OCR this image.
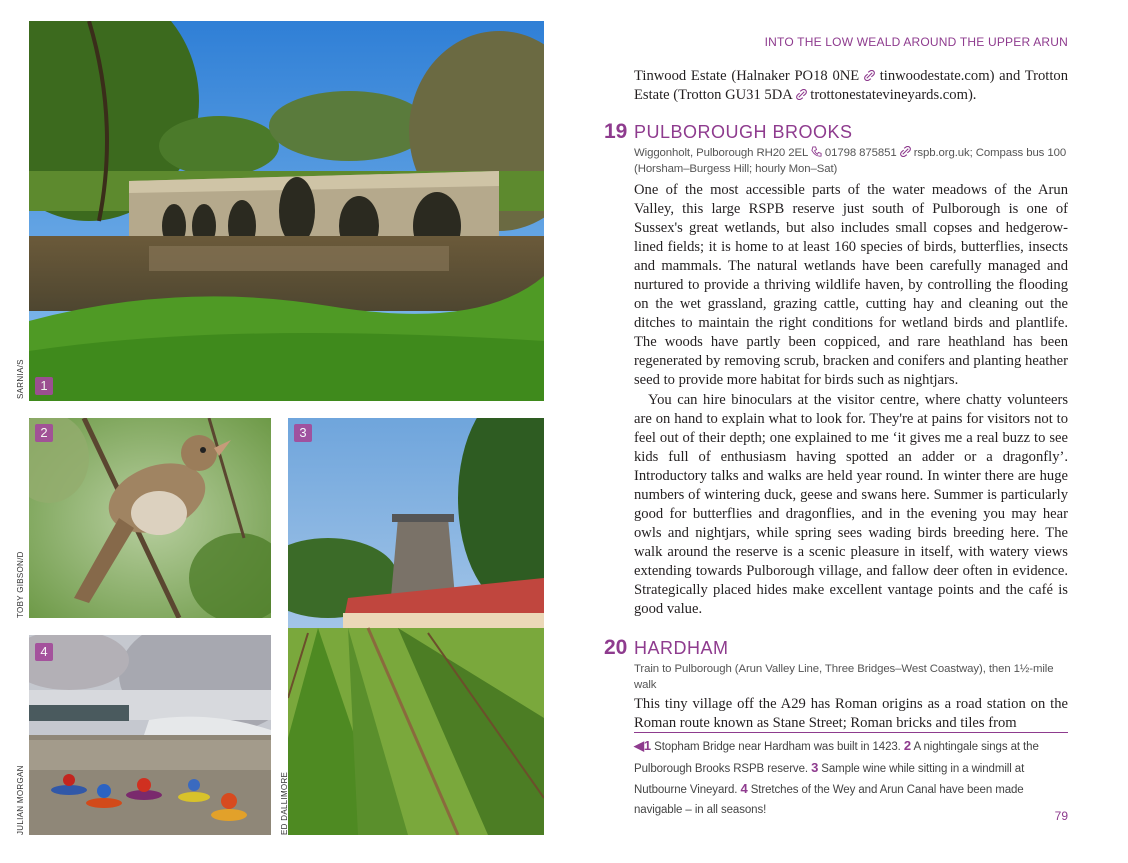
1
SARNIA/S
2
TOBY GIBSON/D
4
JULIAN MORGAN
3
ED DALLIMORE
INTO THE LOW WEALD AROUND THE UPPER ARUN

Tinwood Estate (Halnaker PO18 0NE  tinwoodestate.com) and Trotton Estate (Trotton GU31 5DA  trottonestatevineyards.com).

19 PULBOROUGH BROOKS
Wiggonholt, Pulborough RH20 2EL  01798 875851  rspb.org.uk; Compass bus 100 (Horsham–Burgess Hill; hourly Mon–Sat)

One of the most accessible parts of the water meadows of the Arun Valley, this large RSPB reserve just south of Pulborough is one of Sussex's great wetlands, but also includes small copses and hedgerow-lined fields; it is home to at least 160 species of birds, butterflies, insects and mammals. The natural wetlands have been carefully managed and nurtured to provide a thriving wildlife haven, by controlling the flooding on the wet grassland, grazing cattle, cutting hay and cleaning out the ditches to maintain the right conditions for wetland birds and plantlife. The woods have partly been coppiced, and rare heathland has been regenerated by removing scrub, bracken and conifers and planting heather seed to provide more habitat for birds such as nightjars.

You can hire binoculars at the visitor centre, where chatty volunteers are on hand to explain what to look for. They're at pains for visitors not to feel out of their depth; one explained to me ‘it gives me a real buzz to see kids full of enthusiasm having spotted an adder or a dragonfly’. Introductory talks and walks are held year round. In winter there are huge numbers of wintering duck, geese and swans here. Summer is particularly good for butterflies and dragonflies, and in the evening you may hear owls and nightjars, while spring sees wading birds breeding here. The walk around the reserve is a scenic pleasure in itself, with watery views extending towards Pulborough village, and fallow deer often in evidence. Strategically placed hides make excellent vantage points and the café is good value.

20 HARDHAM
Train to Pulborough (Arun Valley Line, Three Bridges–West Coastway), then 1½-mile walk

This tiny village off the A29 has Roman origins as a road station on the Roman route known as Stane Street; Roman bricks and tiles from

◀1 Stopham Bridge near Hardham was built in 1423. 2 A nightingale sings at the Pulborough Brooks RSPB reserve. 3 Sample wine while sitting in a windmill at Nutbourne Vineyard. 4 Stretches of the Wey and Arun Canal have been made navigable – in all seasons!	79
